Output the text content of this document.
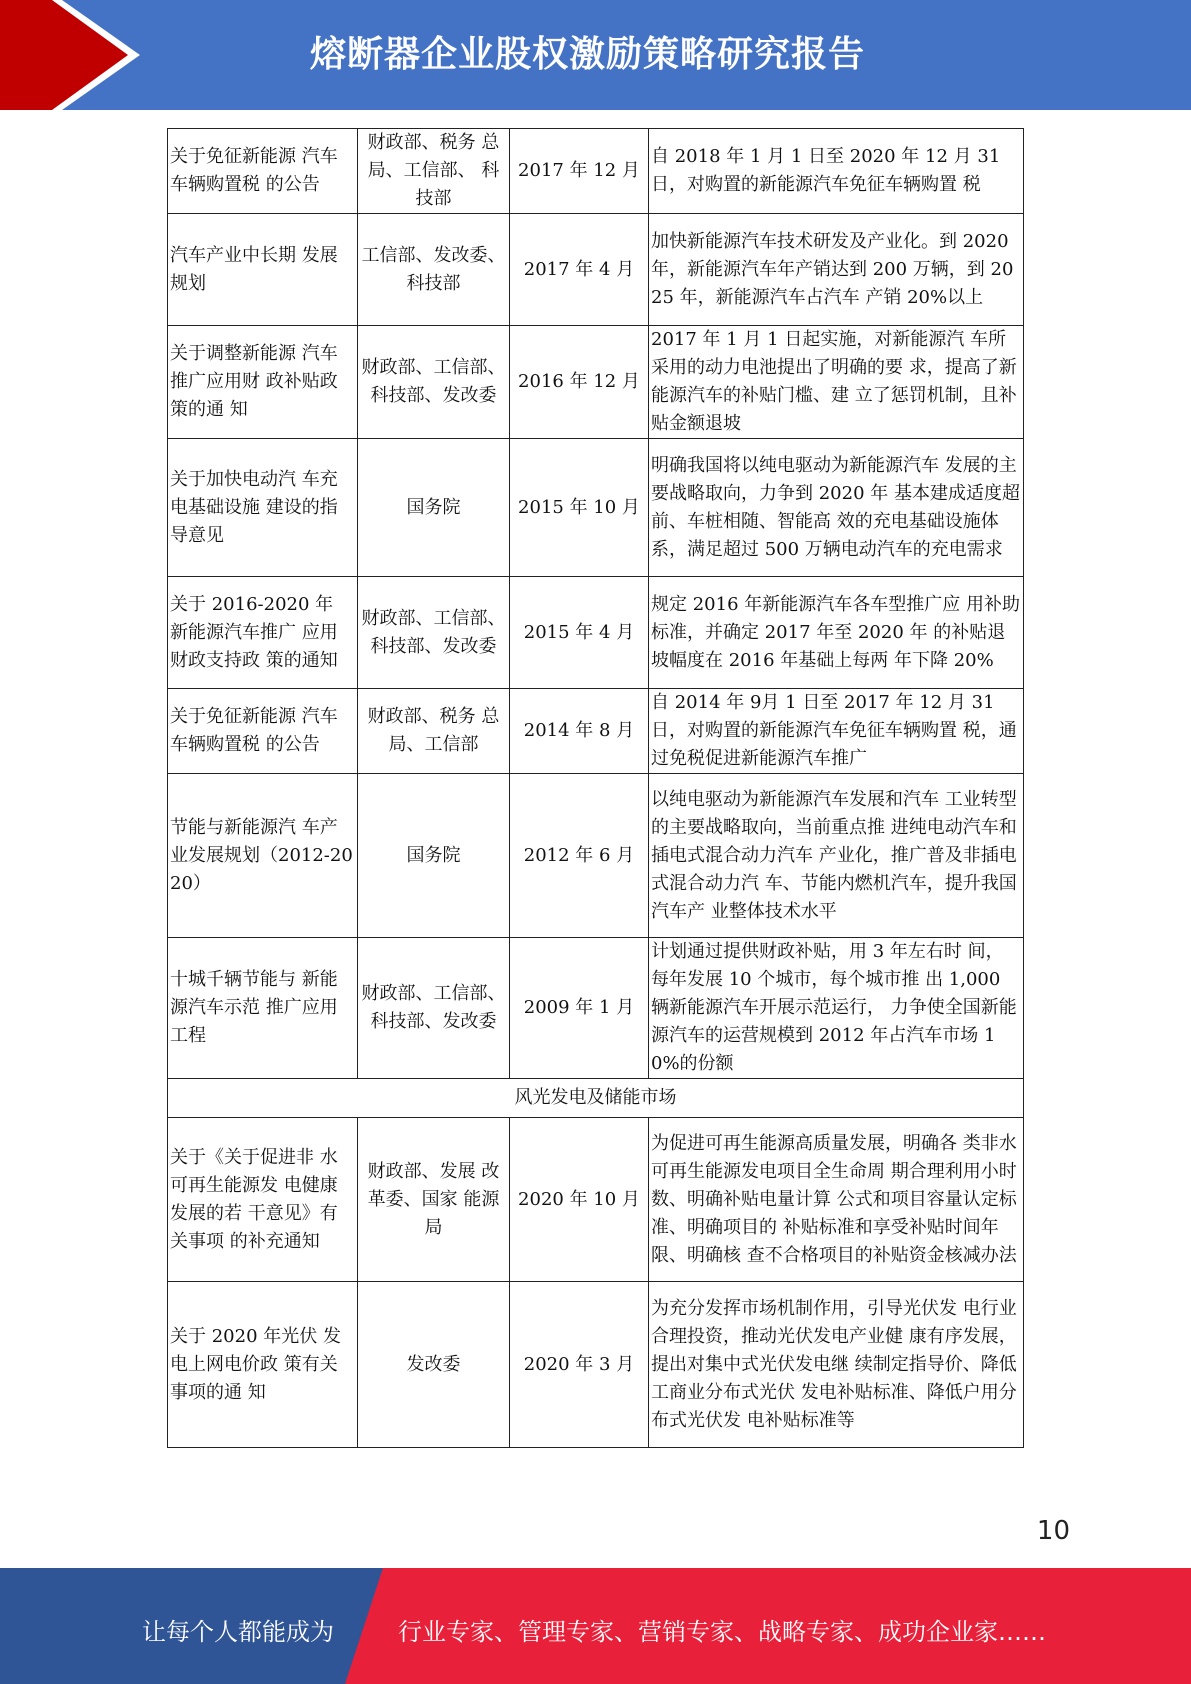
熔断器企业股权激励策略研究报告
关于免征新能源 汽车车辆购置税 的公告	财政部、税务 总局、工信部、 科技部	2017 年 12 月	自 2018 年 1 月 1 日至 2020 年 12 月 31 日，对购置的新能源汽车免征车辆购置 税
汽车产业中长期 发展规划	工信部、发改委、科技部	2017 年 4 月	加快新能源汽车技术研发及产业化。到 2020 年，新能源汽车年产销达到 200 万辆，到 2025 年，新能源汽车占汽车 产销 20%以上
关于调整新能源 汽车推广应用财 政补贴政策的通 知	财政部、工信部、科技部、发改委	2016 年 12 月	2017 年 1 月 1 日起实施，对新能源汽 车所采用的动力电池提出了明确的要 求，提高了新能源汽车的补贴门槛、建 立了惩罚机制，且补贴金额退坡
关于加快电动汽 车充电基础设施 建设的指导意见	国务院	2015 年 10 月	明确我国将以纯电驱动为新能源汽车 发展的主要战略取向，力争到 2020 年 基本建成适度超前、车桩相随、智能高 效的充电基础设施体系，满足超过 500 万辆电动汽车的充电需求
关于 2016-2020 年 新能源汽车推广 应用财政支持政 策的通知	财政部、工信部、科技部、发改委	2015 年 4 月	规定 2016 年新能源汽车各车型推广应 用补助标准，并确定 2017 年至 2020 年 的补贴退坡幅度在 2016 年基础上每两 年下降 20%
关于免征新能源 汽车车辆购置税 的公告	财政部、税务 总局、工信部	2014 年 8 月	自 2014 年 9月 1 日至 2017 年 12 月 31 日，对购置的新能源汽车免征车辆购置 税，通过免税促进新能源汽车推广
节能与新能源汽 车产业发展规划（2012-2020）	国务院	2012 年 6 月	以纯电驱动为新能源汽车发展和汽车 工业转型的主要战略取向，当前重点推 进纯电动汽车和插电式混合动力汽车 产业化，推广普及非插电式混合动力汽 车、节能内燃机汽车，提升我国汽车产 业整体技术水平
十城千辆节能与 新能源汽车示范 推广应用工程	财政部、工信部、科技部、发改委	2009 年 1 月	计划通过提供财政补贴，用 3 年左右时 间，每年发展 10 个城市，每个城市推 出 1,000 辆新能源汽车开展示范运行， 力争使全国新能源汽车的运营规模到 2012 年占汽车市场 10%的份额
风光发电及储能市场			
关于《关于促进非 水可再生能源发 电健康发展的若 干意见》有关事项 的补充通知	财政部、发展 改革委、国家 能源局	2020 年 10 月	为促进可再生能源高质量发展，明确各 类非水可再生能源发电项目全生命周 期合理利用小时数、明确补贴电量计算 公式和项目容量认定标准、明确项目的 补贴标准和享受补贴时间年限、明确核 查不合格项目的补贴资金核减办法
关于 2020 年光伏 发电上网电价政 策有关事项的通 知	发改委	2020 年 3 月	为充分发挥市场机制作用，引导光伏发 电行业合理投资，推动光伏发电产业健 康有序发展，提出对集中式光伏发电继 续制定指导价、降低工商业分布式光伏 发电补贴标准、降低户用分布式光伏发 电补贴标准等
10
让每个人都能成为	行业专家、管理专家、营销专家、战略专家、成功企业家……
